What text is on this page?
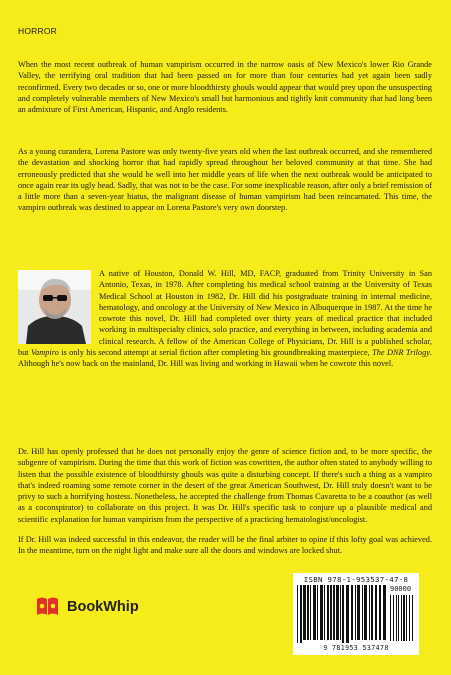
HORROR

When the most recent outbreak of human vampirism occurred in the narrow oasis of New Mexico's lower Rio Grande Valley, the terrifying oral tradition that had been passed on for more than four centuries had yet again been sadly reconfirmed. Every two decades or so, one or more bloodthirsty ghouls would appear that would prey upon the unsuspecting and completely vulnerable members of New Mexico's small but harmonious and tightly knit community that had long been an admixture of First American, Hispanic, and Anglo residents.

As a young curandera, Lorena Pastore was only twenty-five years old when the last outbreak occurred, and she remembered the devastation and shocking horror that had rapidly spread throughout her beloved community at that time. She had erroneously predicted that she would be well into her middle years of life when the next outbreak would be anticipated to once again rear its ugly head. Sadly, that was not to be the case. For some inexplicable reason, after only a brief remission of a little more than a seven-year hiatus, the malignant disease of human vampirism had been reincarnated. This time, the vampiro outbreak was destined to appear on Lorena Pastore's very own doorstep.

A native of Houston, Donald W. Hill, MD, FACP, graduated from Trinity University in San Antonio, Texas, in 1978. After completing his medical school training at the University of Texas Medical School at Houston in 1982, Dr. Hill did his postgraduate training in internal medicine, hematology, and oncology at the University of New Mexico in Albuquerque in 1987. At the time he cowrote this novel, Dr. Hill had completed over thirty years of medical practice that included working in multispecialty clinics, solo practice, and everything in between, including academia and clinical research. A fellow of the American College of Physicians, Dr. Hill is a published scholar, but Vampiro is only his second attempt at serial fiction after completing his groundbreaking masterpiece, The DNR Trilogy. Although he's now back on the mainland, Dr. Hill was living and working in Hawaii when he cowrote this novel.

Dr. Hill has openly professed that he does not personally enjoy the genre of science fiction and, to be more specific, the subgenre of vampirism. During the time that this work of fiction was cowritten, the author often stated to anybody willing to listen that the possible existence of bloodthirsty ghouls was quite a disturbing concept. If there's such a thing as a vampiro that's indeed roaming some remote corner in the desert of the great American Southwest, Dr. Hill truly doesn't want to be privy to such a horrifying hostess. Nonetheless, he accepted the challenge from Thomas Cavaretta to be a coauthor (as well as a coconspirator) to collaborate on this project. It was Dr. Hill's specific task to conjure up a plausible medical and scientific explanation for human vampirism from the perspective of a practicing hematologist/oncologist.

If Dr. Hill was indeed successful in this endeavor, the reader will be the final arbiter to opine if this lofty goal was achieved. In the meantime, turn on the night light and make sure all the doors and windows are locked shut.

BookWhip
ISBN 978-1-953537-47-8
90000
9 781953 537478
